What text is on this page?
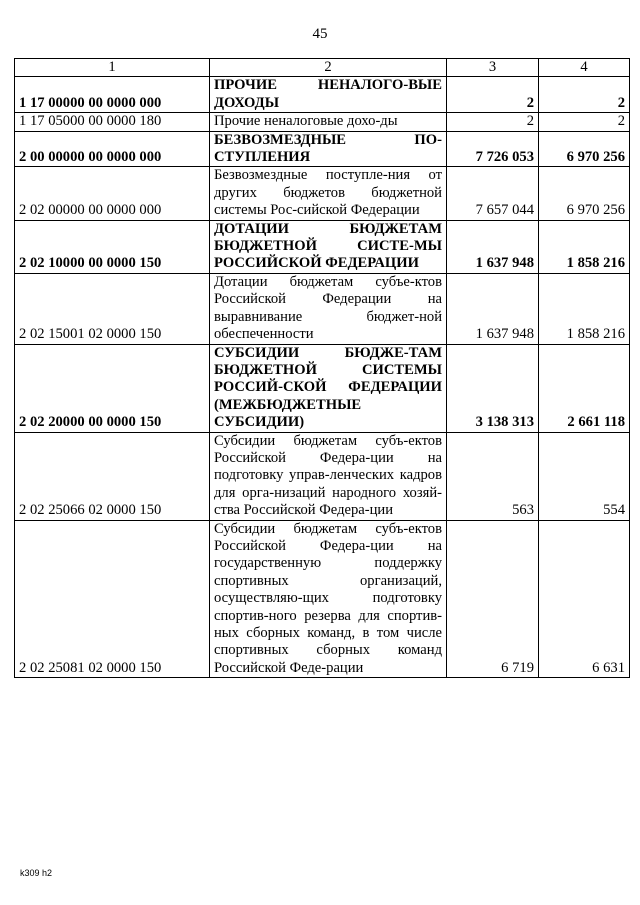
45
1	2	3	4
1 17 00000 00 0000 000	ПРОЧИЕ НЕНАЛОГО-ВЫЕ ДОХОДЫ	2	2
1 17 05000 00 0000 180	Прочие неналоговые дохо-ды	2	2
2 00 00000 00 0000 000	БЕЗВОЗМЕЗДНЫЕ ПО-СТУПЛЕНИЯ	7 726 053	6 970 256
2 02 00000 00 0000 000	Безвозмездные поступле-ния от других бюджетов бюджетной системы Рос-сийской Федерации	7 657 044	6 970 256
2 02 10000 00 0000 150	ДОТАЦИИ БЮДЖЕТАМ БЮДЖЕТНОЙ СИСТЕ-МЫ РОССИЙСКОЙ ФЕДЕРАЦИИ	1 637 948	1 858 216
2 02 15001 02 0000 150	Дотации бюджетам субъе-ктов Российской Федерации на выравнивание бюджет-ной обеспеченности	1 637 948	1 858 216
2 02 20000 00 0000 150	СУБСИДИИ БЮДЖЕ-ТАМ БЮДЖЕТНОЙ СИСТЕМЫ РОССИЙ-СКОЙ ФЕДЕРАЦИИ (МЕЖБЮДЖЕТНЫЕ СУБСИДИИ)	3 138 313	2 661 118
2 02 25066 02 0000 150	Субсидии бюджетам субъ-ектов Российской Федера-ции на подготовку управ-ленческих кадров для орга-низаций народного хозяй-ства Российской Федера-ции	563	554
2 02 25081 02 0000 150	Субсидии бюджетам субъ-ектов Российской Федера-ции на государственную поддержку спортивных организаций, осуществляю-щих подготовку спортив-ного резерва для спортив-ных сборных команд, в том числе спортивных сборных команд Российской Феде-рации	6 719	6 631
k309 h2
